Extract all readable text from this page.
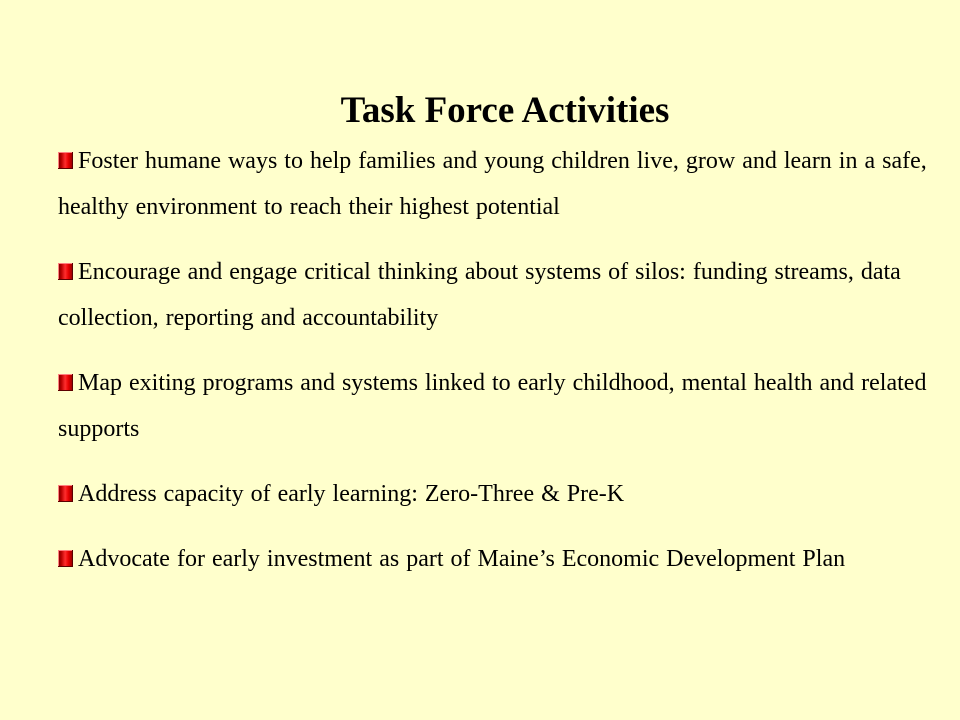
Task Force Activities
Foster humane ways to help families and young children live, grow and learn in a safe, healthy environment to reach their highest potential
Encourage and engage critical thinking about systems of silos: funding streams, data collection, reporting and accountability
Map exiting programs and systems linked to early childhood, mental health and related supports
Address capacity of early learning: Zero-Three & Pre-K
Advocate for early investment as part of Maine’s Economic Development Plan
